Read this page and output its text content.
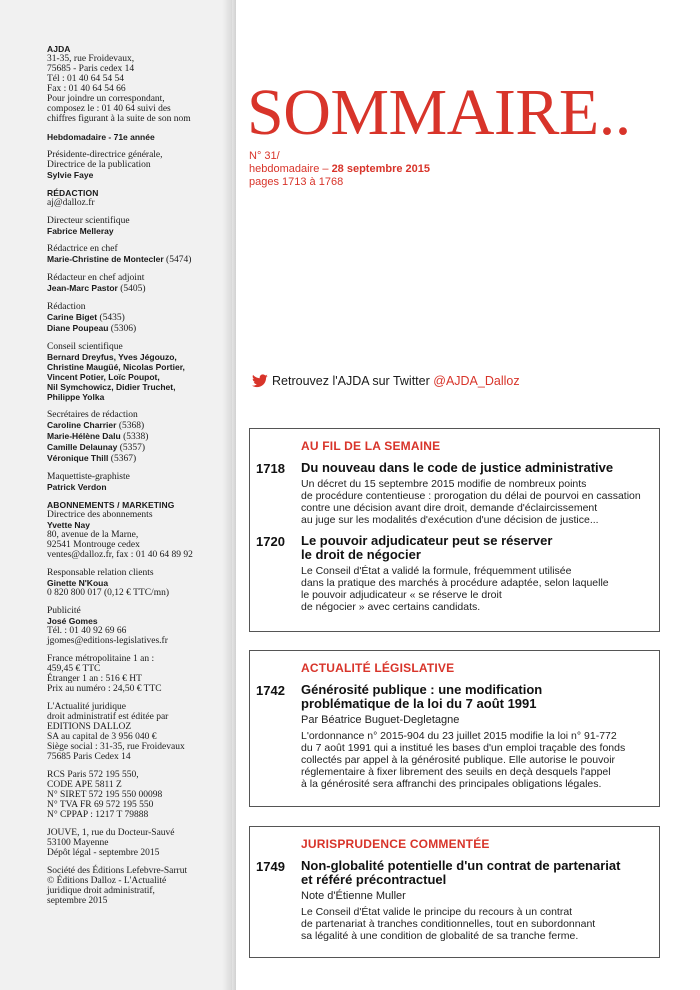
AJDA
31-35, rue Froidevaux,
75685 - Paris cedex 14
Tél : 01 40 64 54 54
Fax : 01 40 64 54 66
Pour joindre un correspondant,
composez le : 01 40 64 suivi des
chiffres figurant à la suite de son nom
Hebdomadaire - 71e année
Présidente-directrice générale,
Directrice de la publication
Sylvie Faye
RÉDACTION
aj@dalloz.fr
Directeur scientifique
Fabrice Melleray
Rédactrice en chef
Marie-Christine de Montecler (5474)
Rédacteur en chef adjoint
Jean-Marc Pastor (5405)
Rédaction
Carine Biget (5435)
Diane Poupeau (5306)
Conseil scientifique
Bernard Dreyfus, Yves Jégouzo,
Christine Maugüé, Nicolas Portier,
Vincent Potier, Loïc Poupot,
Nil Symchowicz, Didier Truchet,
Philippe Yolka
Secrétaires de rédaction
Caroline Charrier (5368)
Marie-Hélène Dalu (5338)
Camille Delaunay (5357)
Véronique Thill (5367)
Maquettiste-graphiste
Patrick Verdon
ABONNEMENTS / MARKETING
Directrice des abonnements
Yvette Nay
80, avenue de la Marne,
92541 Montrouge cedex
ventes@dalloz.fr, fax : 01 40 64 89 92
Responsable relation clients
Ginette N'Koua
0 820 800 017 (0,12 € TTC/mn)
Publicité
José Gomes
Tél. : 01 40 92 69 66
jgomes@editions-legislatives.fr
France métropolitaine 1 an :
459,45 € TTC
Étranger 1 an : 516 € HT
Prix au numéro : 24,50 € TTC
L'Actualité juridique
droit administratif est éditée par
EDITIONS DALLOZ
SA au capital de 3 956 040 €
Siège social : 31-35, rue Froidevaux
75685 Paris Cedex 14
RCS Paris 572 195 550,
CODE APE 5811 Z
N° SIRET 572 195 550 00098
N° TVA FR 69 572 195 550
N° CPPAP : 1217 T 79888
JOUVE, 1, rue du Docteur-Sauvé
53100 Mayenne
Dépôt légal - septembre 2015
Société des Éditions Lefebvre-Sarrut
© Éditions Dalloz - L'Actualité
juridique droit administratif,
septembre 2015
SOMMAIRE..
N° 31/
hebdomadaire – 28 septembre 2015
pages 1713 à 1768
Retrouvez l'AJDA sur Twitter @AJDA_Dalloz
AU FIL DE LA SEMAINE
1718 Du nouveau dans le code de justice administrative
Un décret du 15 septembre 2015 modifie de nombreux points
de procédure contentieuse : prorogation du délai de pourvoi en cassation
contre une décision avant dire droit, demande d'éclaircissement
au juge sur les modalités d'exécution d'une décision de justice...
1720 Le pouvoir adjudicateur peut se réserver
le droit de négocier
Le Conseil d'État a validé la formule, fréquemment utilisée
dans la pratique des marchés à procédure adaptée, selon laquelle
le pouvoir adjudicateur « se réserve le droit
de négocier » avec certains candidats.
ACTUALITÉ LÉGISLATIVE
1742 Générosité publique : une modification
problématique de la loi du 7 août 1991
Par Béatrice Buguet-Degletagne
L'ordonnance n° 2015-904 du 23 juillet 2015 modifie la loi n° 91-772
du 7 août 1991 qui a institué les bases d'un emploi traçable des fonds
collectés par appel à la générosité publique. Elle autorise le pouvoir
réglementaire à fixer librement des seuils en deçà desquels l'appel
à la générosité sera affranchi des principales obligations légales.
JURISPRUDENCE COMMENTÉE
1749 Non-globalité potentielle d'un contrat de partenariat
et référé précontractuel
Note d'Étienne Muller
Le Conseil d'État valide le principe du recours à un contrat
de partenariat à tranches conditionnelles, tout en subordonnant
sa légalité à une condition de globalité de sa tranche ferme.
